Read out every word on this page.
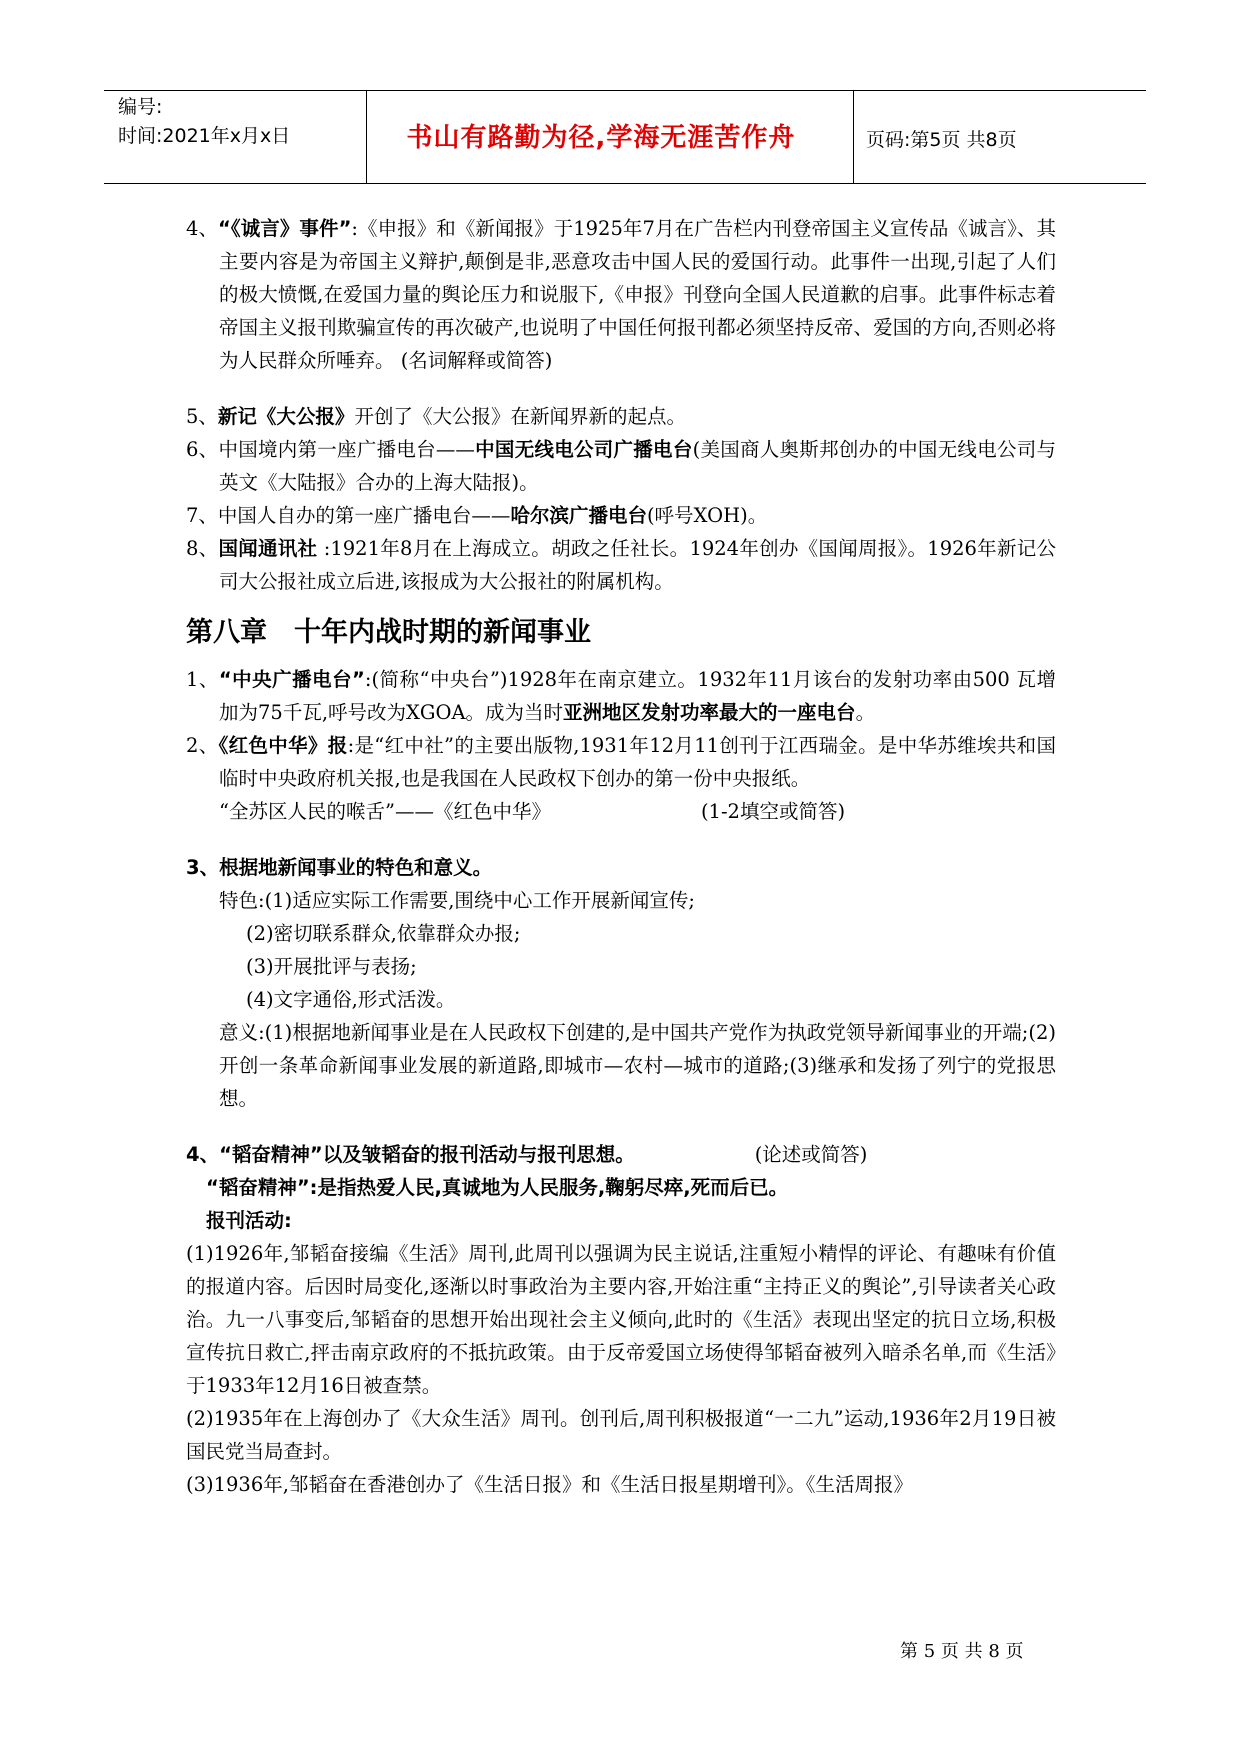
编号:
时间:2021年x月x日	书山有路勤为径,学海无涯苦作舟	页码:第5页 共8页

4、“《诚言》事件”:《申报》和《新闻报》于1925年7月在广告栏内刊登帝国主义宣传品《诚言》、其主要内容是为帝国主义辩护,颠倒是非,恶意攻击中国人民的爱国行动。此事件一出现,引起了人们的极大愤慨,在爱国力量的舆论压力和说服下,《申报》刊登向全国人民道歉的启事。此事件标志着帝国主义报刊欺骗宣传的再次破产,也说明了中国任何报刊都必须坚持反帝、爱国的方向,否则必将为人民群众所唾弃。 (名词解释或简答)

5、新记《大公报》开创了《大公报》在新闻界新的起点。

6、中国境内第一座广播电台——中国无线电公司广播电台(美国商人奥斯邦创办的中国无线电公司与英文《大陆报》合办的上海大陆报)。

7、中国人自办的第一座广播电台——哈尔滨广播电台(呼号XOH)。

8、国闻通讯社 :1921年8月在上海成立。胡政之任社长。1924年创办《国闻周报》。1926年新记公司大公报社成立后进,该报成为大公报社的附属机构。

第八章　十年内战时期的新闻事业

1、“中央广播电台”:(简称“中央台”)1928年在南京建立。1932年11月该台的发射功率由500 瓦增加为75千瓦,呼号改为XGOA。成为当时亚洲地区发射功率最大的一座电台。

2、《红色中华》报:是“红中社”的主要出版物,1931年12月11创刊于江西瑞金。是中华苏维埃共和国临时中央政府机关报,也是我国在人民政权下创办的第一份中央报纸。

“全苏区人民的喉舌”——《红色中华》	(1-2填空或简答)

3、根据地新闻事业的特色和意义。

特色:(1)适应实际工作需要,围绕中心工作开展新闻宣传;

(2)密切联系群众,依靠群众办报;

(3)开展批评与表扬;

(4)文字通俗,形式活泼。

意义:(1)根据地新闻事业是在人民政权下创建的,是中国共产党作为执政党领导新闻事业的开端;(2)开创一条革命新闻事业发展的新道路,即城市—农村—城市的道路;(3)继承和发扬了列宁的党报思想。

4、“韬奋精神”以及皱韬奋的报刊活动与报刊思想。	(论述或简答)

“韬奋精神”:是指热爱人民,真诚地为人民服务,鞠躬尽瘁,死而后已。

报刊活动:

(1)1926年,邹韬奋接编《生活》周刊,此周刊以强调为民主说话,注重短小精悍的评论、有趣味有价值的报道内容。后因时局变化,逐渐以时事政治为主要内容,开始注重“主持正义的舆论”,引导读者关心政治。九一八事变后,邹韬奋的思想开始出现社会主义倾向,此时的《生活》表现出坚定的抗日立场,积极宣传抗日救亡,抨击南京政府的不抵抗政策。由于反帝爱国立场使得邹韬奋被列入暗杀名单,而《生活》于1933年12月16日被查禁。

(2)1935年在上海创办了《大众生活》周刊。创刊后,周刊积极报道“一二九”运动,1936年2月19日被国民党当局查封。

(3)1936年,邹韬奋在香港创办了《生活日报》和《生活日报星期增刊》。《生活周报》

第 5 页 共 8 页
